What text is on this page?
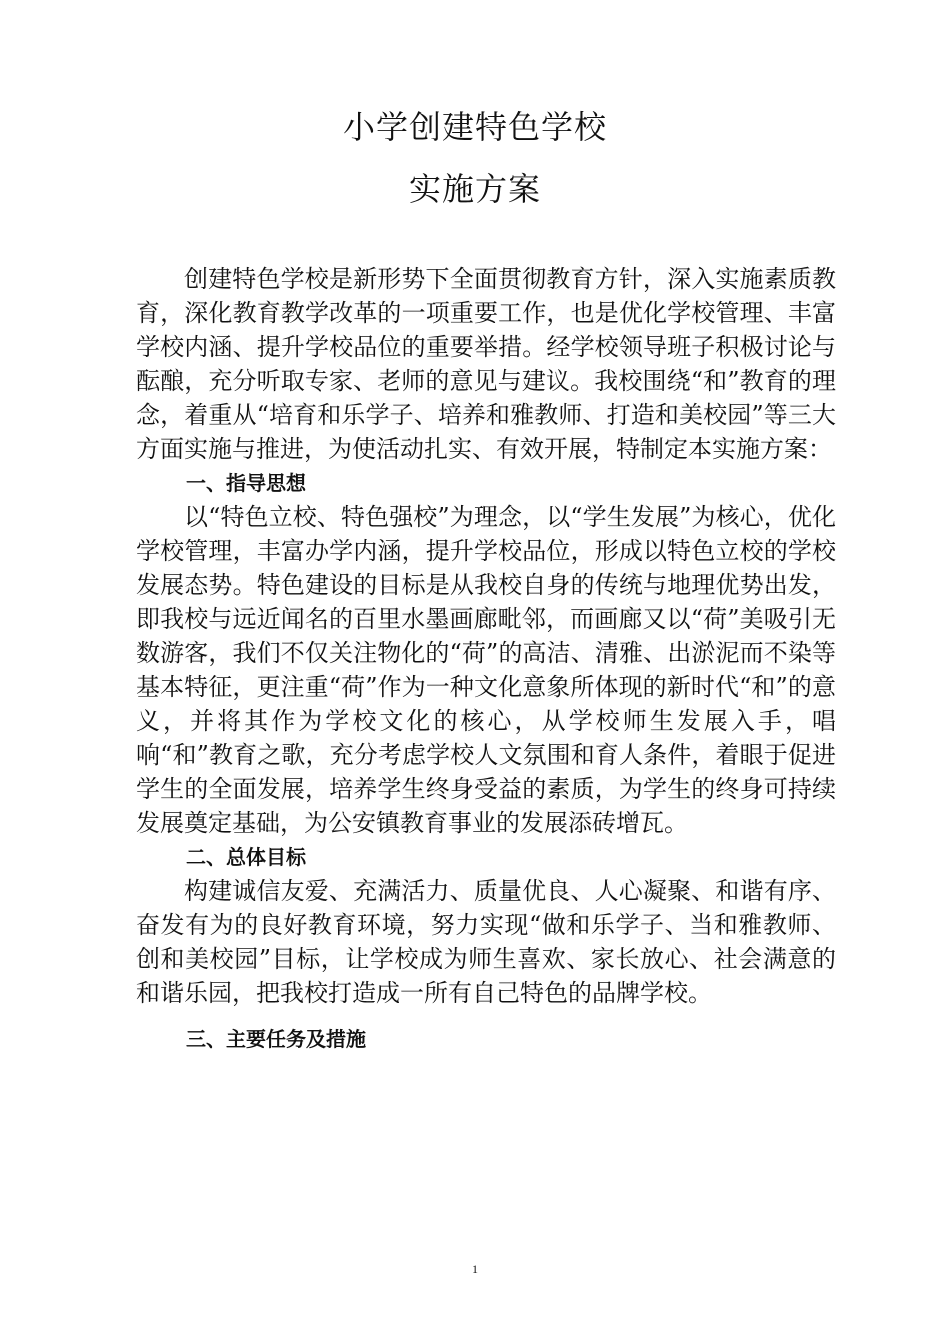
小学创建特色学校
实施方案

创建特色学校是新形势下全面贯彻教育方针，深入实施素质教育，深化教育教学改革的一项重要工作，也是优化学校管理、丰富学校内涵、提升学校品位的重要举措。经学校领导班子积极讨论与酝酿，充分听取专家、老师的意见与建议。我校围绕“和”教育的理念，着重从“培育和乐学子、培养和雅教师、打造和美校园”等三大方面实施与推进，为使活动扎实、有效开展，特制定本实施方案：

一、指导思想

以“特色立校、特色强校”为理念，以“学生发展”为核心，优化学校管理，丰富办学内涵，提升学校品位，形成以特色立校的学校发展态势。特色建设的目标是从我校自身的传统与地理优势出发，即我校与远近闻名的百里水墨画廊毗邻，而画廊又以“荷”美吸引无数游客，我们不仅关注物化的“荷”的高洁、清雅、出淤泥而不染等基本特征，更注重“荷”作为一种文化意象所体现的新时代“和”的意义，并将其作为学校文化的核心，从学校师生发展入手，唱响“和”教育之歌，充分考虑学校人文氛围和育人条件，着眼于促进学生的全面发展，培养学生终身受益的素质，为学生的终身可持续发展奠定基础，为公安镇教育事业的发展添砖增瓦。

二、总体目标

构建诚信友爱、充满活力、质量优良、人心凝聚、和谐有序、奋发有为的良好教育环境，努力实现“做和乐学子、当和雅教师、创和美校园”目标，让学校成为师生喜欢、家长放心、社会满意的和谐乐园，把我校打造成一所有自己特色的品牌学校。

三、主要任务及措施

1
